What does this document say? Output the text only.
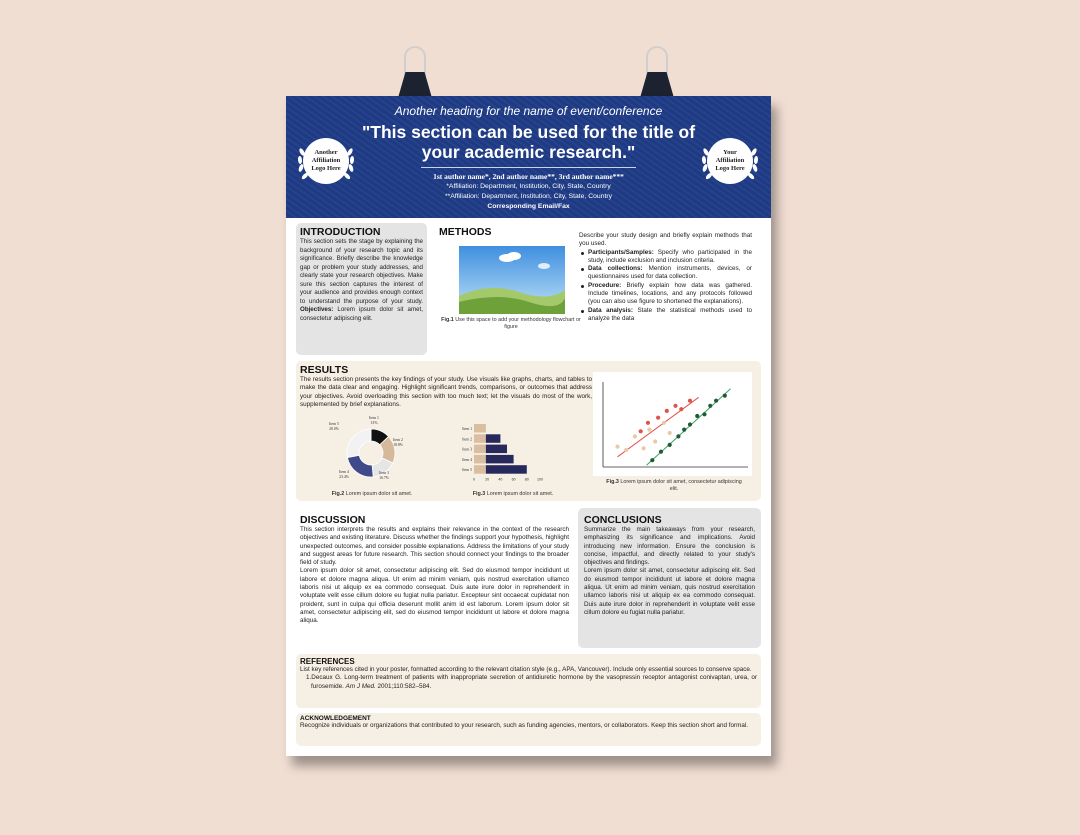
Another heading for the name of event/conference
"This section can be used for the title of your academic research."
1st author name*, 2nd author name**, 3rd author name***
*Affiliation: Department, Institution, City, State, Country
**Affiliation: Department, Institution, City, State, Country
Corresponding Email/Fax
Another Affiliation Logo Here
Your Affiliation Logo Here
INTRODUCTION
This section sets the stage by explaining the background of your research topic and its significance. Briefly describe the knowledge gap or problem your study addresses, and clearly state your research objectives. Make sure this section captures the interest of your audience and provides enough context to understand the purpose of your study. Objectives: Lorem ipsum dolor sit amet, consectetur adipiscing elit.
METHODS
Fig.1 Use this space to add your methodology flowchart or figure
Describe your study design and briefly explain methods that you used.
Participants/Samples: Specify who participated in the study, include exclusion and inclusion criteria.
Data collections: Mention instruments, devices, or questionnaires used for data collection.
Procedure: Briefly explain how data was gathered. Include timelines, locations, and any protocols followed (you can also use figure to shortened the explanations).
Data analysis: State the statistical methods used to analyze the data
RESULTS
The results section presents the key findings of your study. Use visuals like graphs, charts, and tables to make the data clear and engaging. Highlight significant trends, comparisons, or outcomes that address your objectives. Avoid overloading this section with too much text; let the visuals do most of the work, supplemented by brief explanations.
Item 1
13%
Item 2
18.8%
Item 3
16.7%
Item 4
23.4%
Item 5
28.0%
Fig.2 Lorem ipsum dolor sit amet.
Item 1
Item 2
Item 3
Item 4
Item 5
0	20	40	60	80 100
Fig.3 Lorem ipsum dolor sit amet.
Fig.3 Lorem ipsum dolor sit amet, consectetur adipiscing elit.
DISCUSSION
This section interprets the results and explains their relevance in the context of the research objectives and existing literature. Discuss whether the findings support your hypothesis, highlight unexpected outcomes, and consider possible explanations. Address the limitations of your study and suggest areas for future research. This section should connect your findings to the broader field of study.
Lorem ipsum dolor sit amet, consectetur adipiscing elit. Sed do eiusmod tempor incididunt ut labore et dolore magna aliqua. Ut enim ad minim veniam, quis nostrud exercitation ullamco laboris nisi ut aliquip ex ea commodo consequat. Duis aute irure dolor in reprehenderit in voluptate velit esse cillum dolore eu fugiat nulla pariatur. Excepteur sint occaecat cupidatat non proident, sunt in culpa qui officia deserunt mollit anim id est laborum. Lorem ipsum dolor sit amet, consectetur adipiscing elit, sed do eiusmod tempor incididunt ut labore et dolore magna aliqua.
CONCLUSIONS
Summarize the main takeaways from your research, emphasizing its significance and implications. Avoid introducing new information. Ensure the conclusion is concise, impactful, and directly related to your study's objectives and findings.
Lorem ipsum dolor sit amet, consectetur adipiscing elit. Sed do eiusmod tempor incididunt ut labore et dolore magna aliqua. Ut enim ad minim veniam, quis nostrud exercitation ullamco laboris nisi ut aliquip ex ea commodo consequat. Duis aute irure dolor in reprehenderit in voluptate velit esse cillum dolore eu fugiat nulla pariatur.
REFERENCES
List key references cited in your poster, formatted according to the relevant citation style (e.g., APA, Vancouver). Include only essential sources to conserve space.
1.Decaux G. Long-term treatment of patients with inappropriate secretion of antidiuretic hormone by the vasopressin receptor antagonist conivaptan, urea, or furosemide. Am J Med. 2001;110:582–584.
ACKNOWLEDGEMENT
Recognize individuals or organizations that contributed to your research, such as funding agencies, mentors, or collaborators. Keep this section short and formal.
